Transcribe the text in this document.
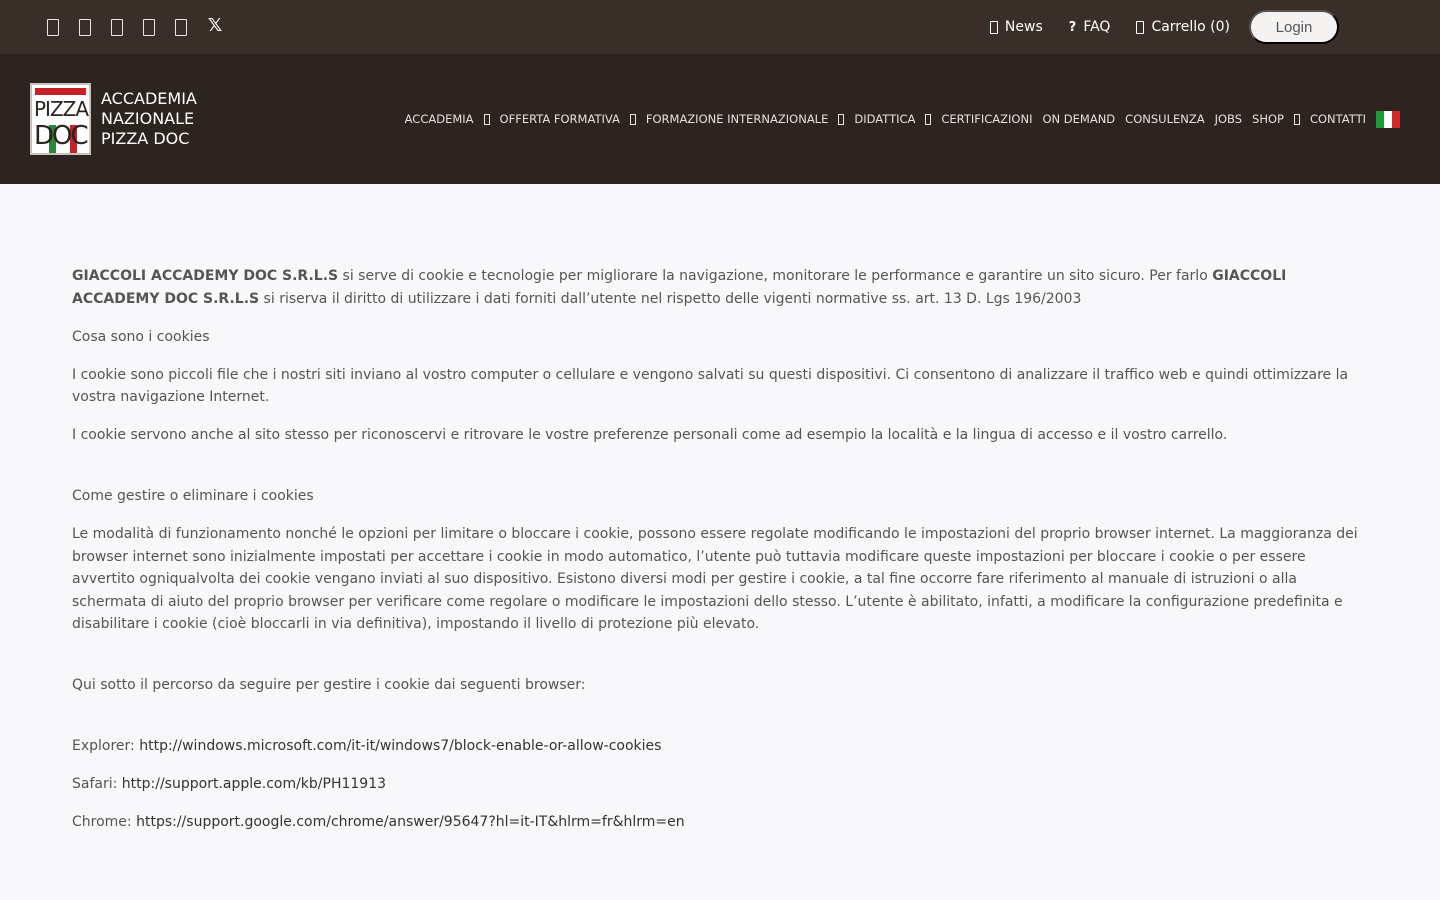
𝕏	News ? FAQ	Carrello (0)	Login
PIZZA
DOC
ACCADEMIA
NAZIONALE
PIZZA DOC
ACCADEMIA OFFERTA FORMATIVA FORMAZIONE INTERNAZIONALE DIDATTICA CERTIFICAZIONI ON DEMAND CONSULENZA JOBS SHOP CONTATTI

GIACCOLI ACCADEMY DOC S.R.L.S si serve di cookie e tecnologie per migliorare la navigazione, monitorare le performance e garantire un sito sicuro. Per farlo GIACCOLI ACCADEMY DOC S.R.L.S si riserva il diritto di utilizzare i dati forniti dall’utente nel rispetto delle vigenti normative ss. art. 13 D. Lgs 196/2003

Cosa sono i cookies

I cookie sono piccoli file che i nostri siti inviano al vostro computer o cellulare e vengono salvati su questi dispositivi. Ci consentono di analizzare il traffico web e quindi ottimizzare la vostra navigazione Internet.

I cookie servono anche al sito stesso per riconoscervi e ritrovare le vostre preferenze personali come ad esempio la località e la lingua di accesso e il vostro carrello.

Come gestire o eliminare i cookies

Le modalità di funzionamento nonché le opzioni per limitare o bloccare i cookie, possono essere regolate modificando le impostazioni del proprio browser internet. La maggioranza dei browser internet sono inizialmente impostati per accettare i cookie in modo automatico, l’utente può tuttavia modificare queste impostazioni per bloccare i cookie o per essere avvertito ogniqualvolta dei cookie vengano inviati al suo dispositivo. Esistono diversi modi per gestire i cookie, a tal fine occorre fare riferimento al manuale di istruzioni o alla schermata di aiuto del proprio browser per verificare come regolare o modificare le impostazioni dello stesso. L’utente è abilitato, infatti, a modificare la configurazione predefinita e disabilitare i cookie (cioè bloccarli in via definitiva), impostando il livello di protezione più elevato.

Qui sotto il percorso da seguire per gestire i cookie dai seguenti browser:

Explorer: http://windows.microsoft.com/it-it/windows7/block-enable-or-allow-cookies

Safari: http://support.apple.com/kb/PH11913

Chrome: https://support.google.com/chrome/answer/95647?hl=it-IT&hlrm=fr&hlrm=en
